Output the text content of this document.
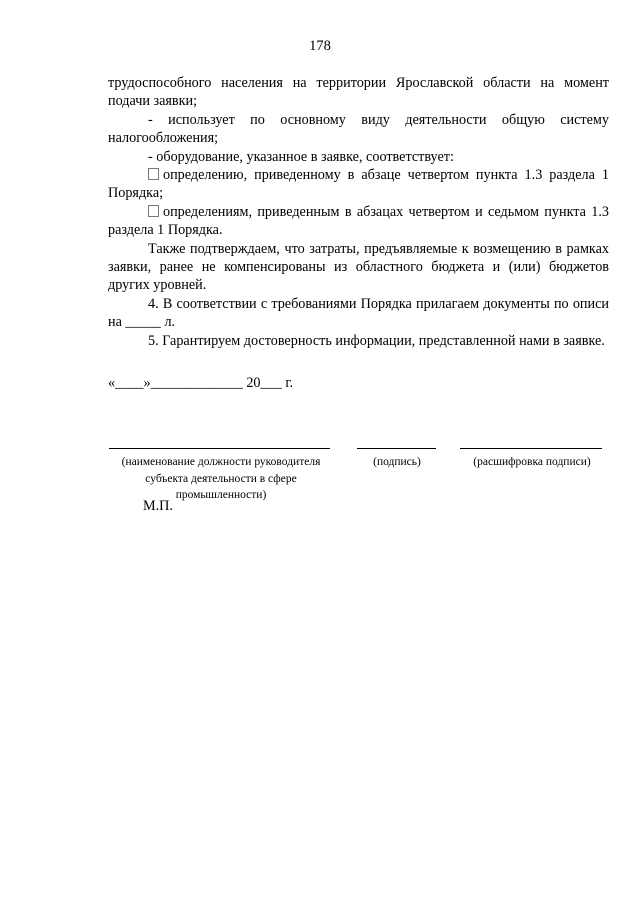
178

трудоспособного населения на территории Ярославской области на момент подачи заявки;

- использует по основному виду деятельности общую систему налогообложения;

- оборудование, указанное в заявке, соответствует:

определению, приведенному в абзаце четвертом пункта 1.3 раздела 1 Порядка;

определениям, приведенным в абзацах четвертом и седьмом пункта 1.3 раздела 1 Порядка.

Также подтверждаем, что затраты, предъявляемые к возмещению в рамках заявки, ранее не компенсированы из областного бюджета и (или) бюджетов других уровней.

4. В соответствии с требованиями Порядка прилагаем документы по описи на _____ л.

5. Гарантируем достоверность информации, представленной нами в заявке.

«____»_____________ 20___ г.
(наименование должности руководителя субъекта деятельности в сфере промышленности)
(подпись)	(расшифровка подписи)
М.П.
